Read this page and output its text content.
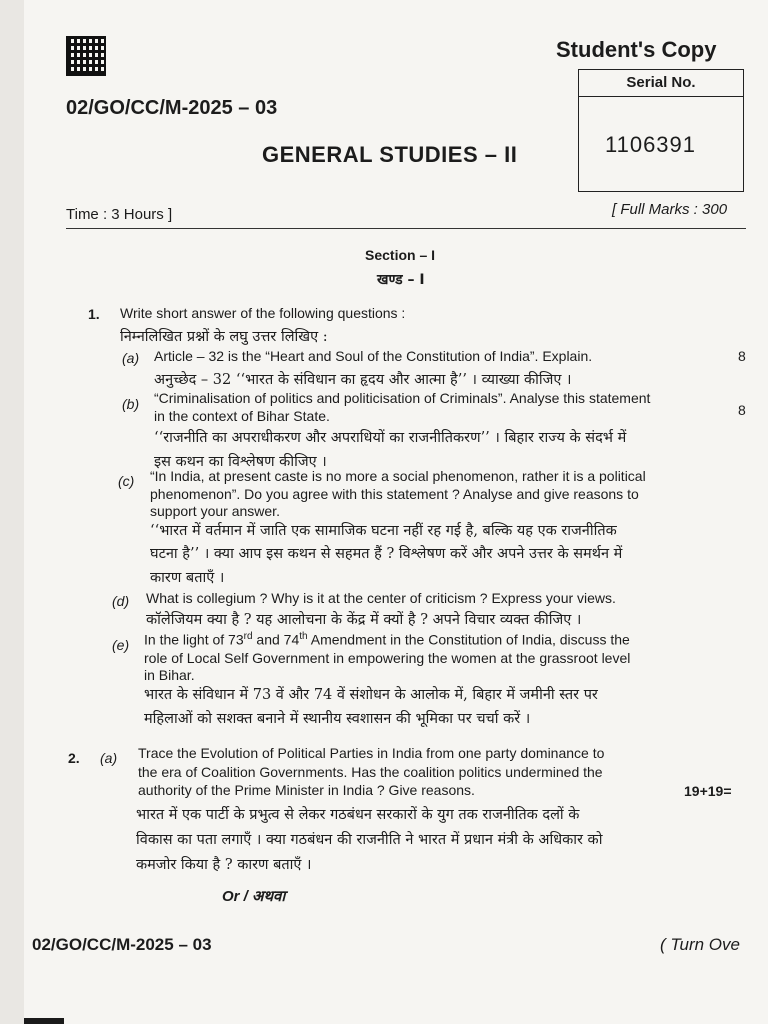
Student's Copy
Serial No.
1106391
02/GO/CC/M-2025 – 03
GENERAL STUDIES – II
Time : 3 Hours ]	[ Full Marks : 300
Section – I
खण्ड – I
1. Write short answer of the following questions :
निम्नलिखित प्रश्नों के लघु उत्तर लिखिए :
(a) Article – 32 is the “Heart and Soul of the Constitution of India”. Explain.	8
अनुच्छेद – 32 ‘‘भारत के संविधान का हृदय और आत्मा है’’ । व्याख्या कीजिए ।
(b) “Criminalisation of politics and politicisation of Criminals”. Analyse this statement
8
in the context of Bihar State.
‘‘राजनीति का अपराधीकरण और अपराधियों का राजनीतिकरण’’ । बिहार राज्य के संदर्भ में
इस कथन का विश्लेषण कीजिए ।
(c) “In India, at present caste is no more a social phenomenon, rather it is a political
phenomenon”. Do you agree with this statement ? Analyse and give reasons to
support your answer.
‘‘भारत में वर्तमान में जाति एक सामाजिक घटना नहीं रह गई है, बल्कि यह एक राजनीतिक
घटना है’’ । क्या आप इस कथन से सहमत हैं ? विश्लेषण करें और अपने उत्तर के समर्थन में
कारण बताएँ ।
(d) What is collegium ? Why is it at the center of criticism ? Express your views.
कॉलेजियम क्या है ? यह आलोचना के केंद्र में क्यों है ? अपने विचार व्यक्त कीजिए ।
(e) In the light of 73rd and 74th Amendment in the Constitution of India, discuss the
role of Local Self Government in empowering the women at the grassroot level
in Bihar.
भारत के संविधान में 73 वें और 74 वें संशोधन के आलोक में, बिहार में जमीनी स्तर पर
महिलाओं को सशक्त बनाने में स्थानीय स्वशासन की भूमिका पर चर्चा करें ।
2. (a) Trace the Evolution of Political Parties in India from one party dominance to
the era of Coalition Governments. Has the coalition politics undermined the
authority of the Prime Minister in India ? Give reasons.	19+19=
भारत में एक पार्टी के प्रभुत्व से लेकर गठबंधन सरकारों के युग तक राजनीतिक दलों के
विकास का पता लगाएँ । क्या गठबंधन की राजनीति ने भारत में प्रधान मंत्री के अधिकार को
कमजोर किया है ? कारण बताएँ ।
Or / अथवा
02/GO/CC/M-2025 – 03	( Turn Ove
